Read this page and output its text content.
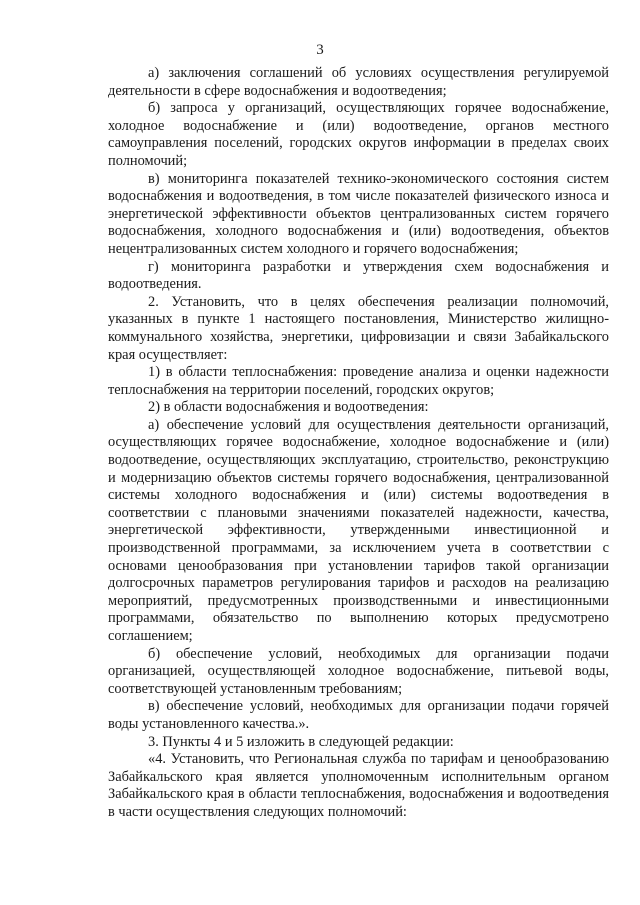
3

а) заключения соглашений об условиях осуществления регулируемой деятельности в сфере водоснабжения и водоотведения;

б) запроса у организаций, осуществляющих горячее водоснабжение, холодное водоснабжение и (или) водоотведение, органов местного самоуправления поселений, городских округов информации в пределах своих полномочий;

в) мониторинга показателей технико-экономического состояния систем водоснабжения и водоотведения, в том числе показателей физического износа и энергетической эффективности объектов централизованных систем горячего водоснабжения, холодного водоснабжения и (или) водоотведения, объектов нецентрализованных систем холодного и горячего водоснабжения;

г) мониторинга разработки и утверждения схем водоснабжения и водоотведения.

2. Установить, что в целях обеспечения реализации полномочий, указанных в пункте 1 настоящего постановления, Министерство жилищно-коммунального хозяйства, энергетики, цифровизации и связи Забайкальского края осуществляет:

1) в области теплоснабжения: проведение анализа и оценки надежности теплоснабжения на территории поселений, городских округов;

2) в области водоснабжения и водоотведения:

а) обеспечение условий для осуществления деятельности организаций, осуществляющих горячее водоснабжение, холодное водоснабжение и (или) водоотведение, осуществляющих эксплуатацию, строительство, реконструкцию и модернизацию объектов системы горячего водоснабжения, централизованной системы холодного водоснабжения и (или) системы водоотведения в соответствии с плановыми значениями показателей надежности, качества, энергетической эффективности, утвержденными инвестиционной и производственной программами, за исключением учета в соответствии с основами ценообразования при установлении тарифов такой организации долгосрочных параметров регулирования тарифов и расходов на реализацию мероприятий, предусмотренных производственными и инвестиционными программами, обязательство по выполнению которых предусмотрено соглашением;

б) обеспечение условий, необходимых для организации подачи организацией, осуществляющей холодное водоснабжение, питьевой воды, соответствующей установленным требованиям;

в) обеспечение условий, необходимых для организации подачи горячей воды установленного качества.».

3. Пункты 4 и 5 изложить в следующей редакции:

«4. Установить, что Региональная служба по тарифам и ценообразованию Забайкальского края является уполномоченным исполнительным органом Забайкальского края в области теплоснабжения, водоснабжения и водоотведения в части осуществления следующих полномочий:
